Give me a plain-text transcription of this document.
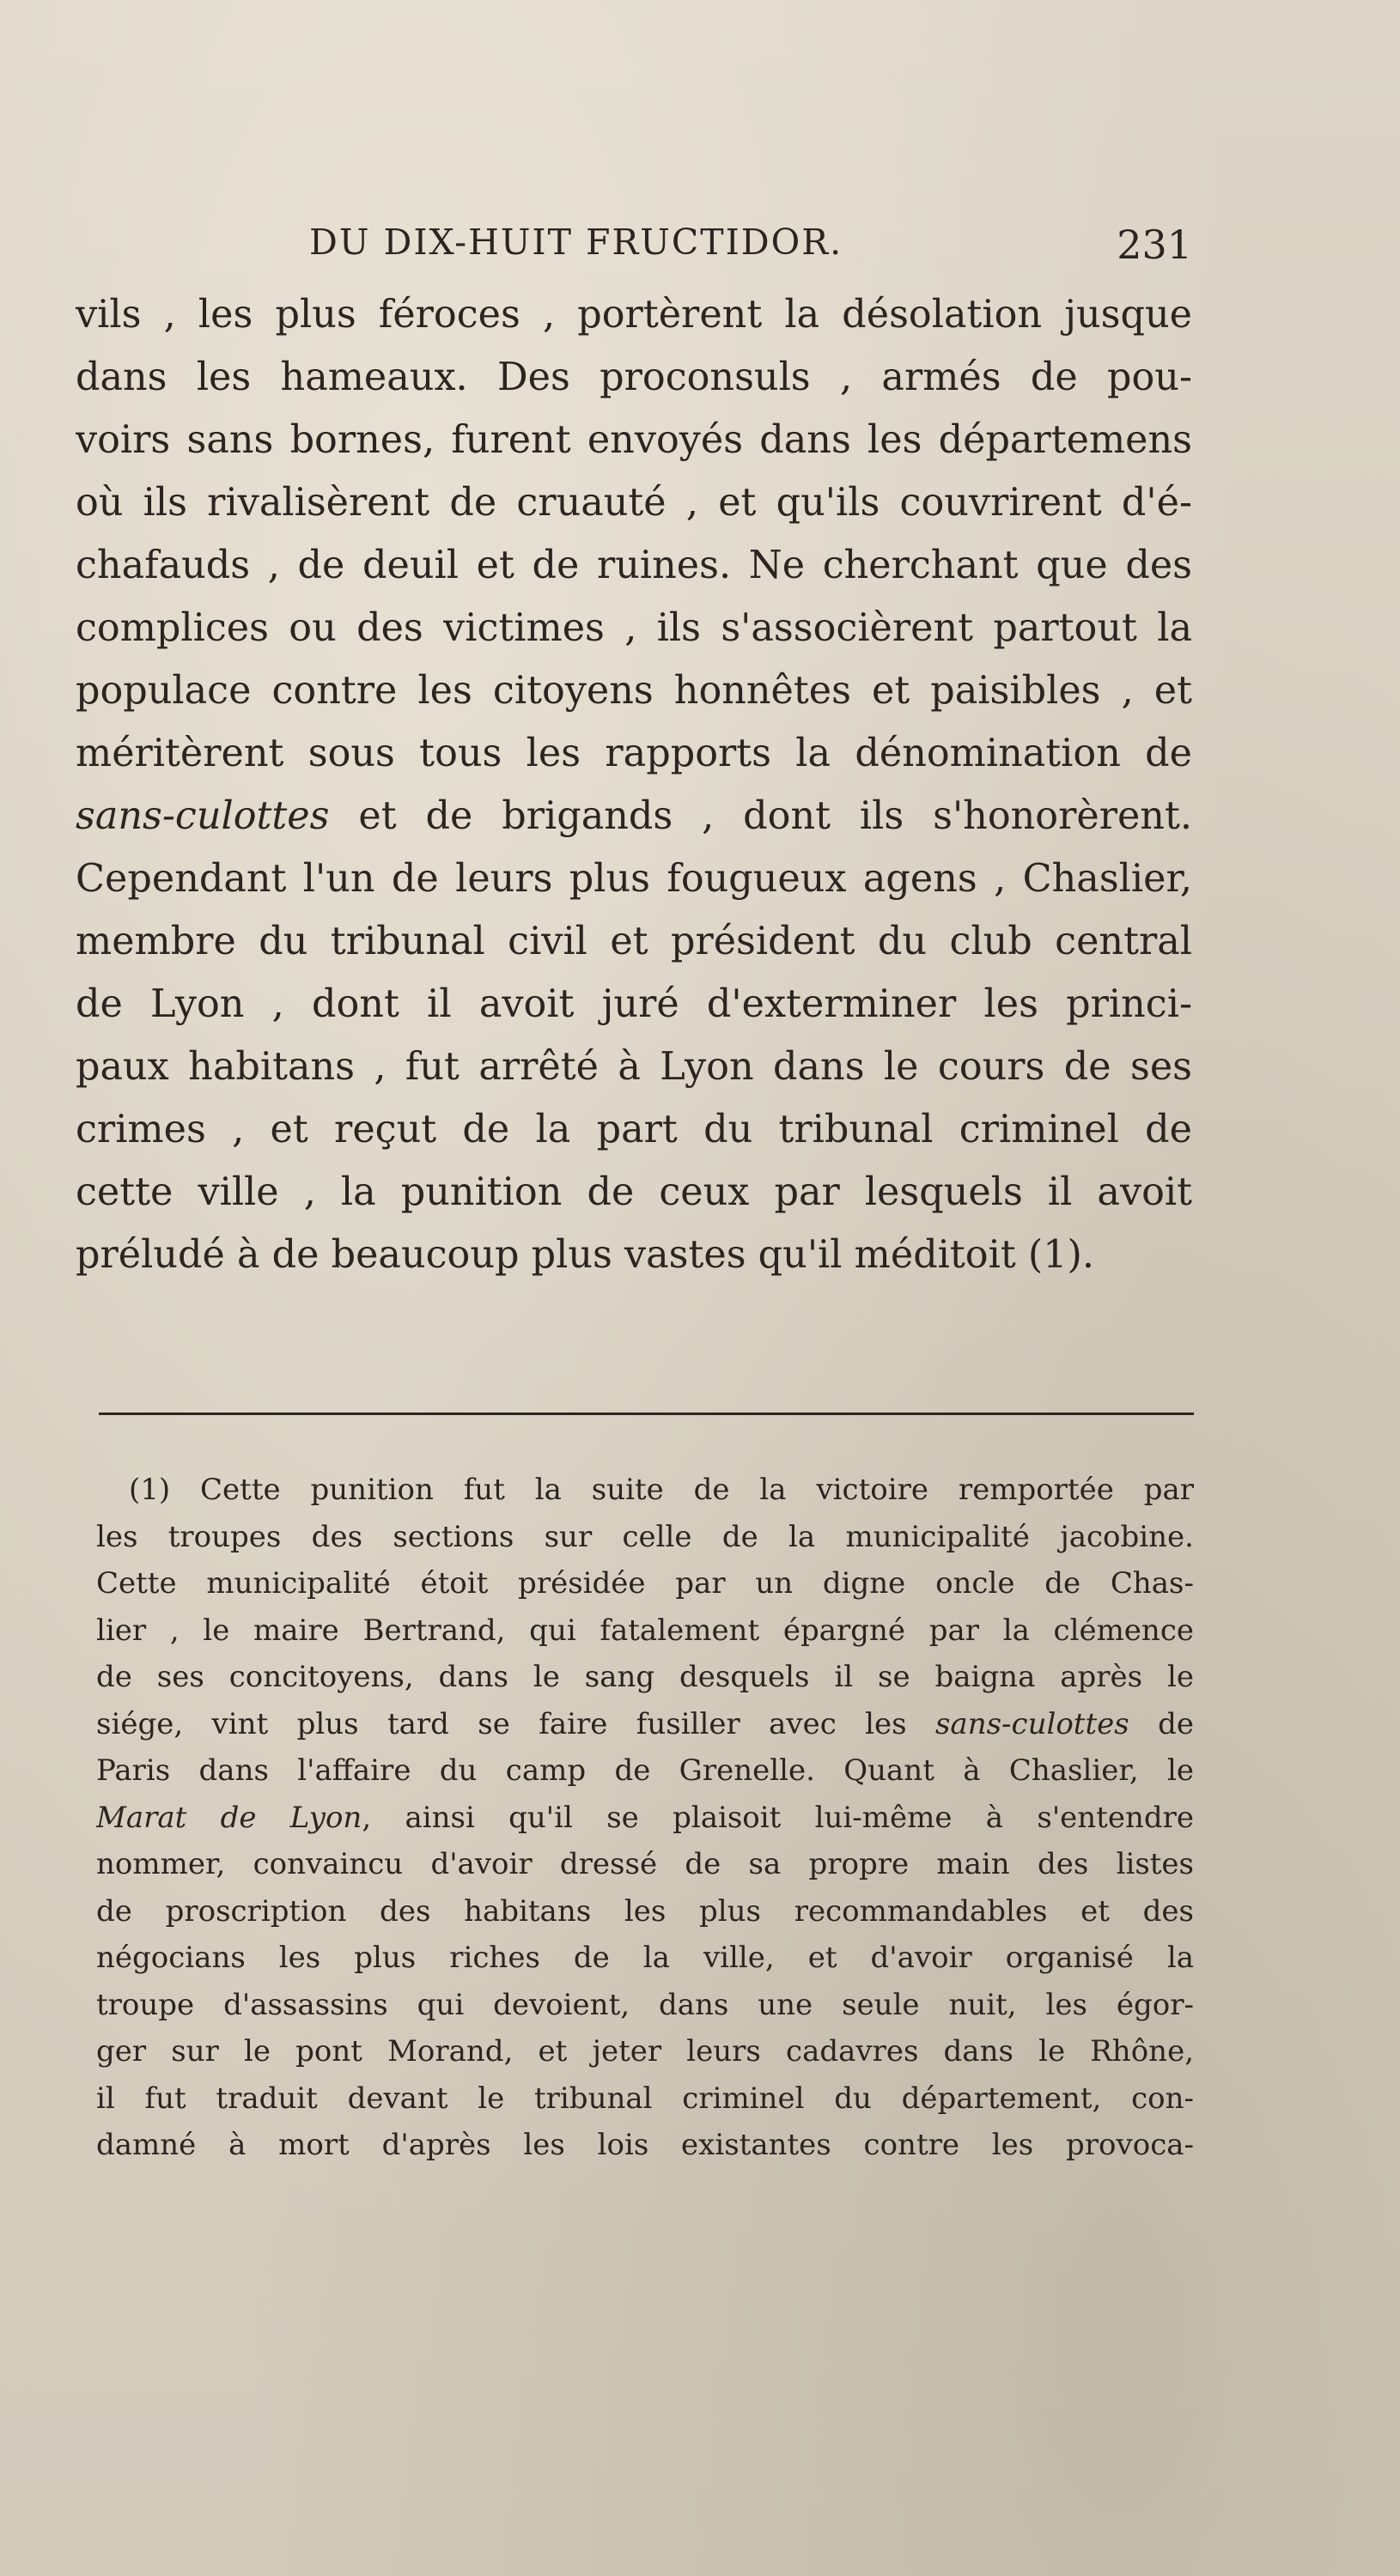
DU DIX-HUIT FRUCTIDOR.	231
vils , les plus féroces , portèrent la désolation jusque
dans les hameaux. Des proconsuls , armés de pou-
voirs sans bornes, furent envoyés dans les départemens
où ils rivalisèrent de cruauté , et qu'ils couvrirent d'é-
chafauds , de deuil et de ruines. Ne cherchant que des
complices ou des victimes , ils s'associèrent partout la
populace contre les citoyens honnêtes et paisibles , et
méritèrent sous tous les rapports la dénomination de
sans-culottes et de brigands , dont ils s'honorèrent.
Cependant l'un de leurs plus fougueux agens , Chaslier,
membre du tribunal civil et président du club central
de Lyon , dont il avoit juré d'exterminer les princi-
paux habitans , fut arrêté à Lyon dans le cours de ses
crimes , et reçut de la part du tribunal criminel de
cette ville , la punition de ceux par lesquels il avoit
préludé à de beaucoup plus vastes qu'il méditoit (1).
(1) Cette punition fut la suite de la victoire remportée par
les troupes des sections sur celle de la municipalité jacobine.
Cette municipalité étoit présidée par un digne oncle de Chas-
lier , le maire Bertrand, qui fatalement épargné par la clémence
de ses concitoyens, dans le sang desquels il se baigna après le
siége, vint plus tard se faire fusiller avec les sans-culottes de
Paris dans l'affaire du camp de Grenelle. Quant à Chaslier, le
Marat de Lyon, ainsi qu'il se plaisoit lui-même à s'entendre
nommer, convaincu d'avoir dressé de sa propre main des listes
de proscription des habitans les plus recommandables et des
négocians les plus riches de la ville, et d'avoir organisé la
troupe d'assassins qui devoient, dans une seule nuit, les égor-
ger sur le pont Morand, et jeter leurs cadavres dans le Rhône,
il fut traduit devant le tribunal criminel du département, con-
damné à mort d'après les lois existantes contre les provoca-
